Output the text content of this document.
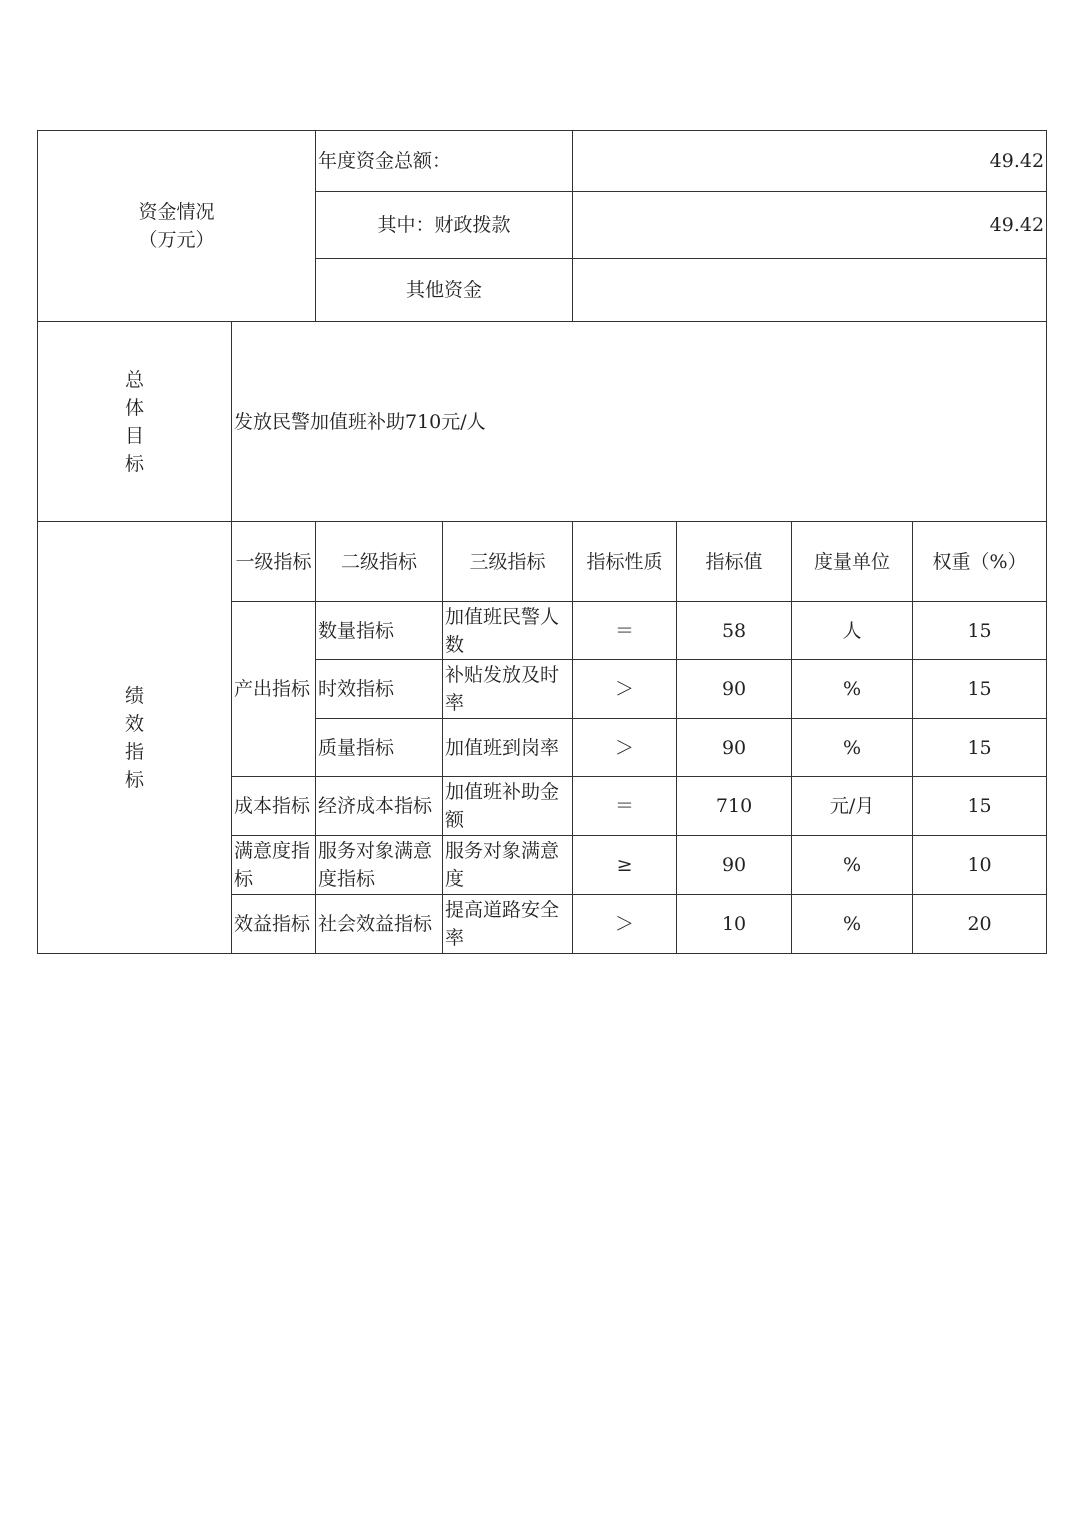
资金情况
（万元）		年度资金总额：		49.42			
		其中：财政拨款		49.42			
		其他资金					

总
体
目
标	发放民警加值班补助710元/人						

绩
效
指
标	一级指标	二级指标	三级指标	指标性质	指标值	度量单位	权重（%）
	产出指标	数量指标	加值班民警人数	＝	58	人	15
		时效指标	补贴发放及时率	＞	90	%	15
		质量指标	加值班到岗率	＞	90	%	15
	成本指标	经济成本指标	加值班补助金额	＝	710	元/月	15
	满意度指标	服务对象满意度指标	服务对象满意度	≥	90	%	10
	效益指标	社会效益指标	提高道路安全率	＞	10	%	20
